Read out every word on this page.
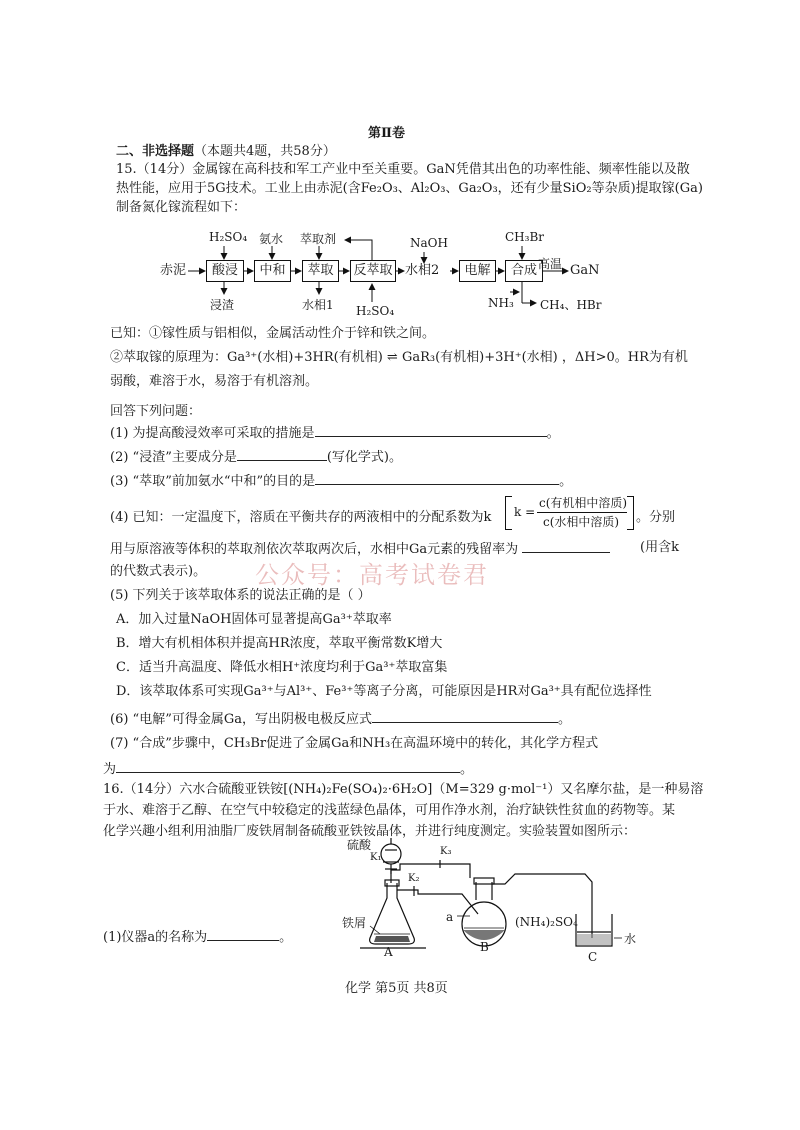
第Ⅱ卷
二、非选择题（本题共4题，共58分）
15.（14分）金属镓在高科技和军工产业中至关重要。GaN凭借其出色的功率性能、频率性能以及散
热性能，应用于5G技术。工业上由赤泥(含Fe₂O₃、Al₂O₃、Ga₂O₃，还有少量SiO₂等杂质)提取镓(Ga)
制备氮化镓流程如下：
赤泥	酸浸	中和	萃取	反萃取 水相2	电解	合成	GaN
高温
H₂SO₄ 氨水 萃取剂	NaOH	CH₃Br
浸渣	水相1 H₂SO₄
NH₃ CH₄、HBr
已知：①镓性质与铝相似，金属活动性介于锌和铁之间。
②萃取镓的原理为：Ga³⁺(水相)+3HR(有机相) ⇌ GaR₃(有机相)+3H⁺(水相) ，ΔH>0。HR为有机
弱酸，难溶于水，易溶于有机溶剂。
回答下列问题：
(1) 为提高酸浸效率可采取的措施是	。
(2) “浸渣”主要成分是	(写化学式)。
(3) “萃取”前加氨水“中和”的目的是	。
(4) 已知：一定温度下，溶质在平衡共存的两液相中的分配系数为k k =
c(有机相中溶质)
c(水相中溶质) 。分别
用与原溶液等体积的萃取剂依次萃取两次后，水相中Ga元素的残留率为	(用含k
的代数式表示)。 公众号：高考试卷君
(5) 下列关于该萃取体系的说法正确的是（ ）
A．加入过量NaOH固体可显著提高Ga³⁺萃取率
B．增大有机相体积并提高HR浓度，萃取平衡常数K增大
C．适当升高温度、降低水相H⁺浓度均利于Ga³⁺萃取富集
D．该萃取体系可实现Ga³⁺与Al³⁺、Fe³⁺等离子分离，可能原因是HR对Ga³⁺具有配位选择性
(6) “电解”可得金属Ga，写出阴极电极反应式	。
(7) “合成”步骤中，CH₃Br促进了金属Ga和NH₃在高温环境中的转化，其化学方程式
为	。
16.（14分）六水合硫酸亚铁铵[(NH₄)₂Fe(SO₄)₂·6H₂O]（M=329 g·mol⁻¹）又名摩尔盐，是一种易溶
于水、难溶于乙醇、在空气中较稳定的浅蓝绿色晶体，可用作净水剂，治疗缺铁性贫血的药物等。某
化学兴趣小组利用油脂厂废铁屑制备硫酸亚铁铵晶体，并进行纯度测定。实验装置如图所示：
硫酸
K₁
K₃
K₂
铁屑	a	(NH₄)₂SO₄
水
A	B
C
(1)仪器a的名称为	。
化学 第5页 共8页
